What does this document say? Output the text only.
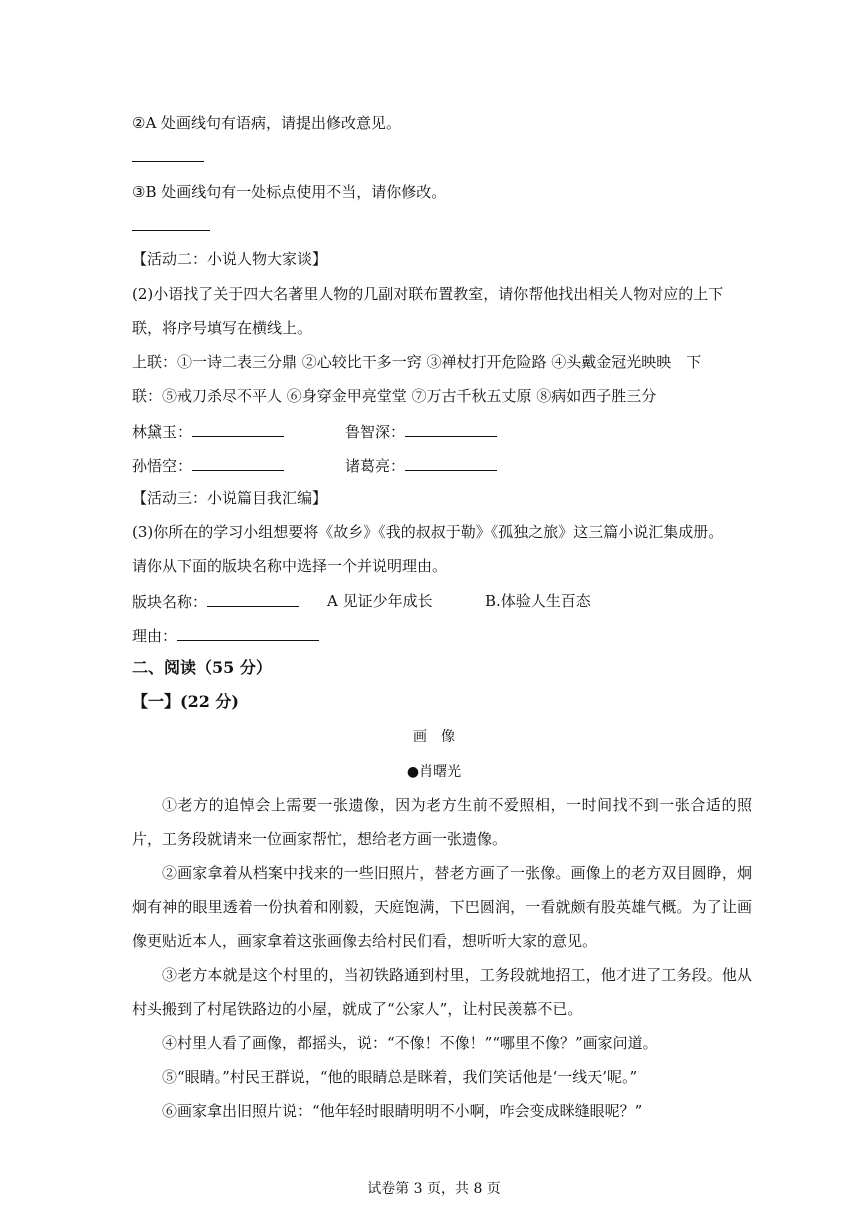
②A 处画线句有语病，请提出修改意见。
③B 处画线句有一处标点使用不当，请你修改。
【活动二：小说人物大家谈】
(2)小语找了关于四大名著里人物的几副对联布置教室，请你帮他找出相关人物对应的上下
联，将序号填写在横线上。
上联：①一诗二表三分鼎 ②心较比干多一窍 ③禅杖打开危险路 ④头戴金冠光映映　下
联：⑤戒刀杀尽不平人 ⑥身穿金甲亮堂堂 ⑦万古千秋五丈原 ⑧病如西子胜三分
林黛玉：	鲁智深：
孙悟空：	诸葛亮：
【活动三：小说篇目我汇编】
(3)你所在的学习小组想要将《故乡》《我的叔叔于勒》《孤独之旅》这三篇小说汇集成册。
请你从下面的版块名称中选择一个并说明理由。
版块名称：	A 见证少年成长	B.体验人生百态
理由：
二、阅读（55 分）
【一】(22 分)
画　像
●肖曙光

①老方的追悼会上需要一张遗像，因为老方生前不爱照相，一时间找不到一张合适的照片，工务段就请来一位画家帮忙，想给老方画一张遗像。

②画家拿着从档案中找来的一些旧照片，替老方画了一张像。画像上的老方双目圆睁，炯炯有神的眼里透着一份执着和刚毅，天庭饱满，下巴圆润，一看就颇有股英雄气概。为了让画像更贴近本人，画家拿着这张画像去给村民们看，想听听大家的意见。

③老方本就是这个村里的，当初铁路通到村里，工务段就地招工，他才进了工务段。他从村头搬到了村尾铁路边的小屋，就成了“公家人”，让村民羡慕不已。

④村里人看了画像，都摇头，说：“不像！不像！”“哪里不像？”画家问道。

⑤“眼睛。”村民王群说，“他的眼睛总是眯着，我们笑话他是‘一线天’呢。”

⑥画家拿出旧照片说：“他年轻时眼睛明明不小啊，咋会变成眯缝眼呢？”

试卷第 3 页，共 8 页
